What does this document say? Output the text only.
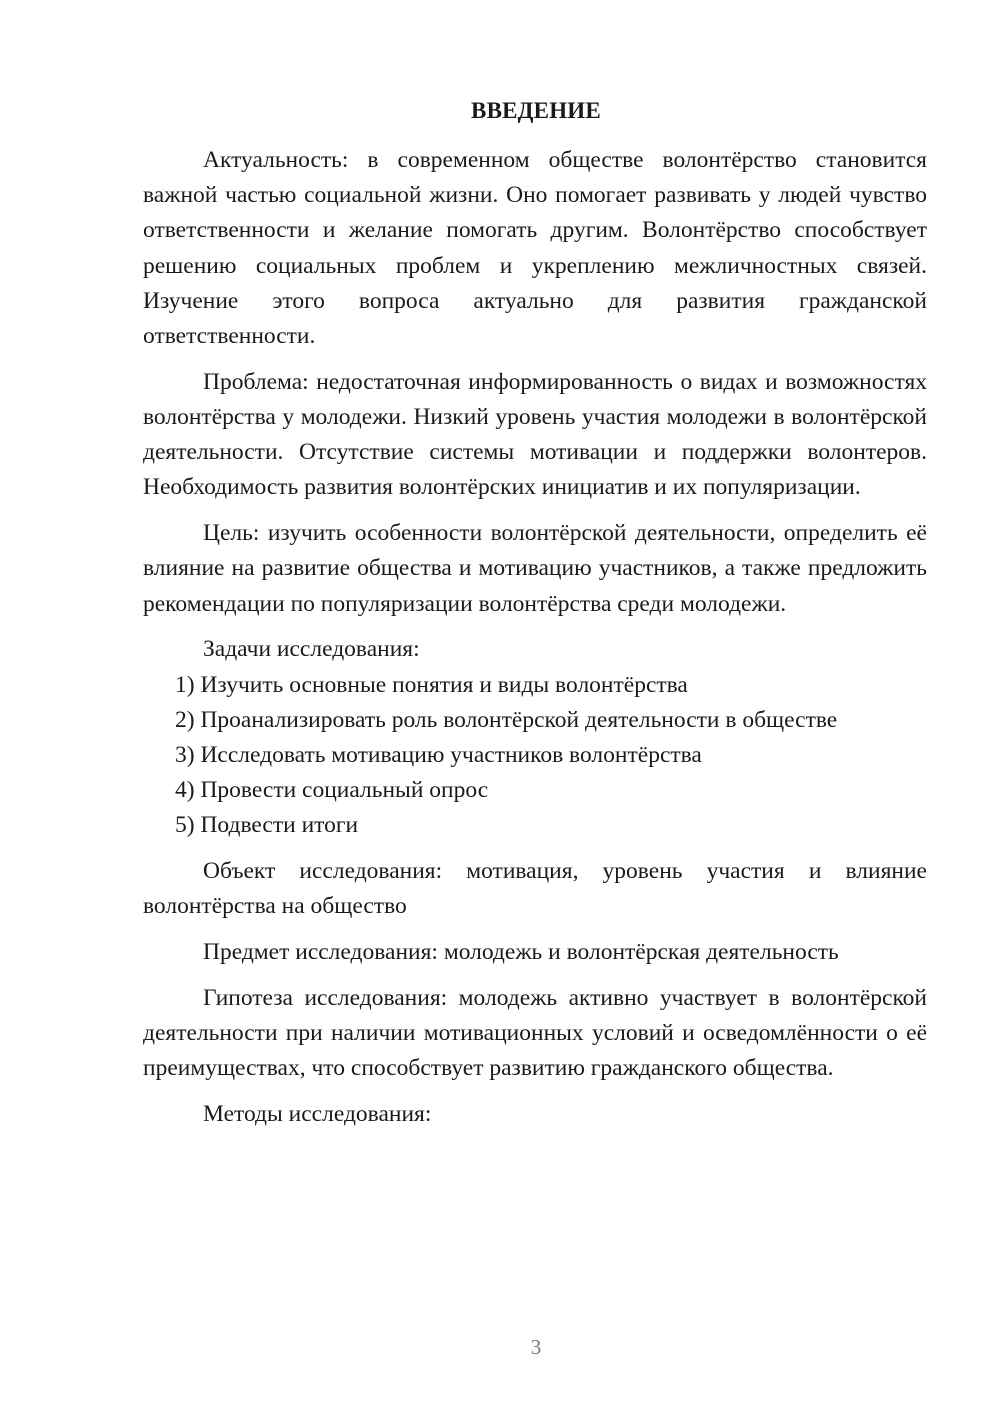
ВВЕДЕНИЕ

Актуальность: в современном обществе волонтёрство становится важной частью социальной жизни. Оно помогает развивать у людей чувство ответственности и желание помогать другим. Волонтёрство способствует решению социальных проблем и укреплению межличностных связей. Изучение этого вопроса актуально для развития гражданской ответственности.

Проблема: недостаточная информированность о видах и возможностях волонтёрства у молодежи. Низкий уровень участия молодежи в волонтёрской деятельности. Отсутствие системы мотивации и поддержки волонтеров. Необходимость развития волонтёрских инициатив и их популяризации.

Цель: изучить особенности волонтёрской деятельности, определить её влияние на развитие общества и мотивацию участников, а также предложить рекомендации по популяризации волонтёрства среди молодежи.

Задачи исследования:

1) Изучить основные понятия и виды волонтёрства

2) Проанализировать роль волонтёрской деятельности в обществе

3) Исследовать мотивацию участников волонтёрства

4) Провести социальный опрос

5) Подвести итоги

Объект исследования: мотивация, уровень участия и влияние волонтёрства на общество

Предмет исследования: молодежь и волонтёрская деятельность

Гипотеза исследования: молодежь активно участвует в волонтёрской деятельности при наличии мотивационных условий и осведомлённости о её преимуществах, что способствует развитию гражданского общества.

Методы исследования:

3
